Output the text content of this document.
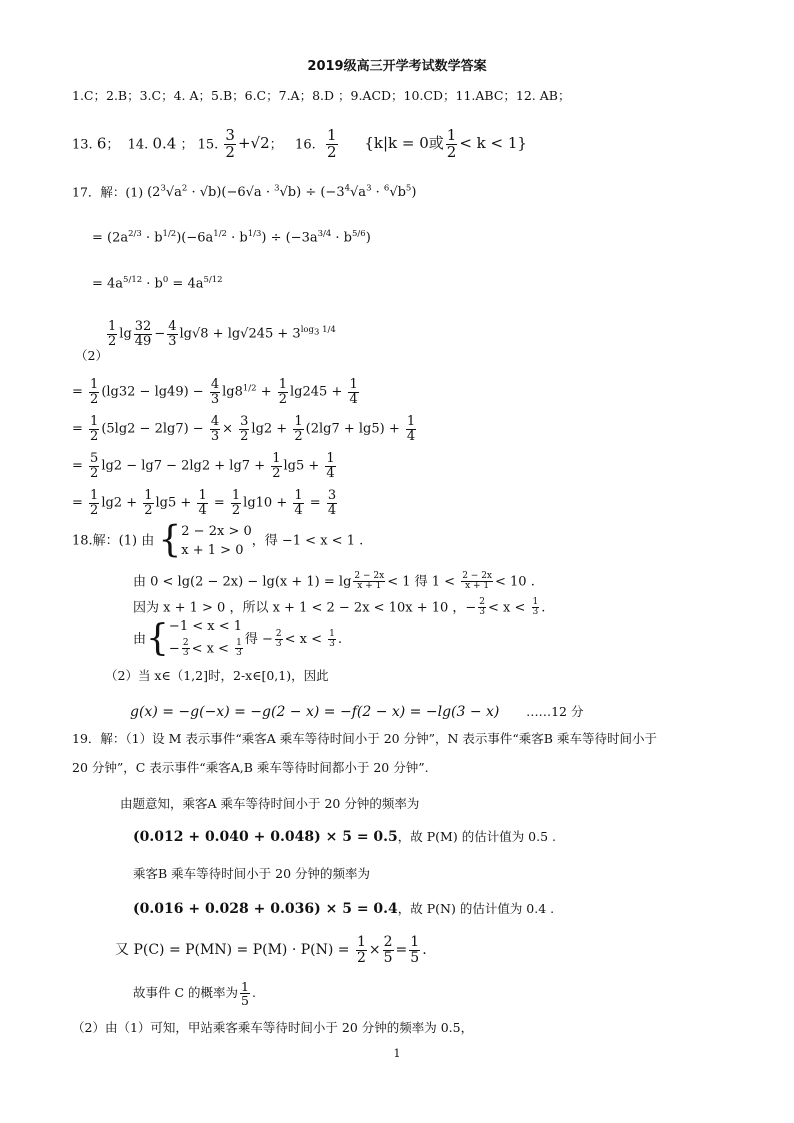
2019级高三开学考试数学答案
1.C；2.B；3.C；4. A；5.B；6.C；7.A；8.D ；9.ACD；10.CD；11.ABC；12. AB；
13. 6；  14. 0.4 ； 15. $\frac{3}{2} +√2$；   16. $\frac{1}{2} \{k|k = 0$或 $\frac{1}{2} < k < 1$}
17．解：(1) $(2^3√a^2 \cdot √b)(-6√a \cdot ^3√b) \div (-3^4√a^3 \cdot ^6√b^5)$
= $(2a^{2/3} \cdot b^{1/2})(-6a^{1/2} \cdot b^{1/3}) \div (-3a^{3/4} \cdot b^{5/6})$
= $4a^{5/12} \cdot b^0 = 4a^{5/12}$
$\frac{1}{2}$ $\lg \frac{32}{49} - \frac{4}{3} \lg√8 + \lg√245 + 3^{log_3 1/4}$
（2）
= $\frac{1}{2} (\lg 32 - \lg 49) - \frac{4}{3} \lg 8^{1/2} + \frac{1}{2} \lg 245 + \frac{1}{4}$
= $\frac{1}{2} (5\lg 2 - 2\lg 7) - \frac{4}{3} \times \frac{3}{2} \lg 2 + \frac{1}{2} (2\lg 7 + \lg 5) + \frac{1}{4}$
= $\frac{5}{2} \lg 2 - \lg 7 - 2\lg 2 + \lg 7 + \frac{1}{2} \lg 5 + \frac{1}{4}$
= $\frac{1}{2} \lg 2 + \frac{1}{2} \lg 5 + \frac{1}{4} = \frac{1}{2} \lg 10 + \frac{1}{4} = \frac{3}{4}$
18.解：(1) 由 { 2 − 2x > 0
x + 1 > 0
，得 −1 < x < 1 .
由 $0 < \lg(2 - 2x) - \lg(x + 1) = \lg \frac{2 - 2x}{x + 1} < 1$ 得 $1 < \frac{2 - 2x}{x + 1} < 10$ .
因为 x + 1 > 0 ，所以 x + 1 < 2 − 2x < 10x + 10 ，− $\frac{2}{3} < x < \frac{1}{3}$ .
由{ −1 < x < 1
− $\frac{2}{3} < x < \frac{1}{3}$ 得 − $\frac{2}{3} < x < \frac{1}{3}$ .
（2）当 x∈（1,2]时，2-x∈[0,1)，因此
g(x) = −g(−x) = −g(2 − x) = −f(2 − x) = −lg(3 − x) ……12 分
19．解：（1）设 M 表示事件“乘客A 乘车等待时间小于 20 分钟”，N 表示事件“乘客B 乘车等待时间小于
20 分钟”，C 表示事件“乘客A,B 乘车等待时间都小于 20 分钟”.
由题意知，乘客A 乘车等待时间小于 20 分钟的频率为
(0.012 + 0.040 + 0.048) × 5 = 0.5，故 P(M) 的估计值为 0.5 .
乘客B 乘车等待时间小于 20 分钟的频率为
(0.016 + 0.028 + 0.036) × 5 = 0.4，故 P(N) 的估计值为 0.4 .
又 $P(C) = P(MN) = P(M) \cdot P(N) = \frac{1}{2} \times \frac{2}{5} = \frac{1}{5}$ .
故事件 C 的概率为 $\frac{1}{5}$ .
（2）由（1）可知，甲站乘客乘车等待时间小于 20 分钟的频率为 0.5，
1
